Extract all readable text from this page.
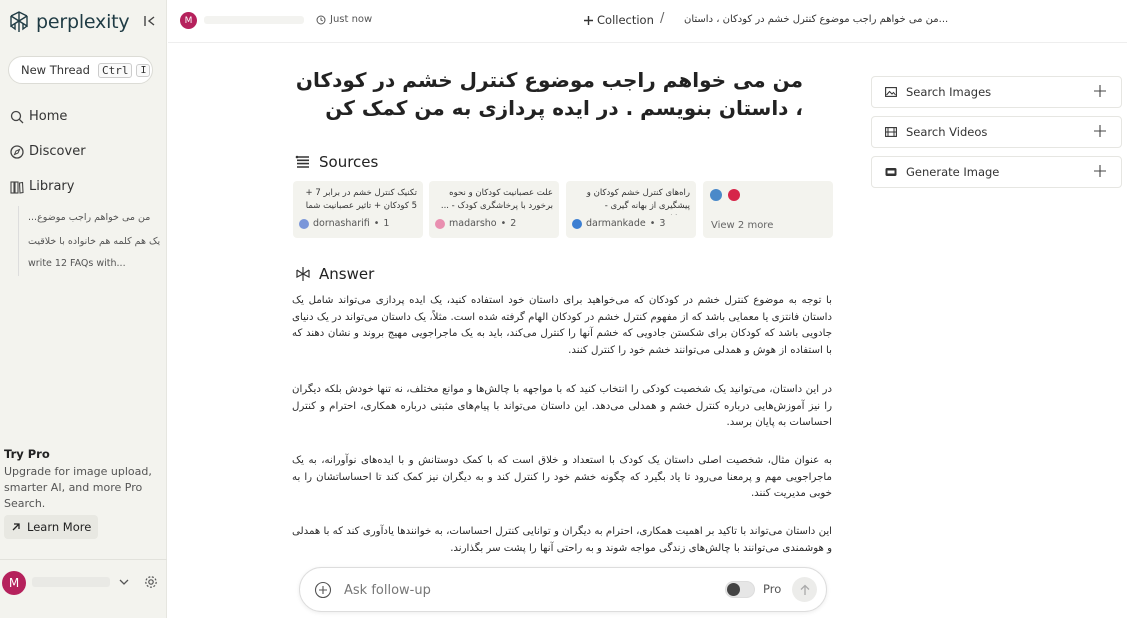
perplexity
New Thread	Ctrl	I
Home
Discover
Library
...من می خواهم راجب موضوع
یک هم کلمه هم خانواده با خلاقیت
write 12 FAQs with...
Try Pro
Upgrade for image upload, smarter AI, and more Pro Search.
Learn More
M
M	Just now	Collection / ...من می خواهم راجب موضوع کنترل خشم در کودکان ، داستان
من می خواهم راجب موضوع کنترل خشم در کودکان ، داستان بنویسم . در ایده پردازی به من کمک کن
Sources
تکنیک کنترل خشم در برابر 7 + 5 کودکان + تاثیر عصبانیت شما
dornasharifi • 1
علت عصبانیت کودکان و نحوه برخورد با پرخاشگری کودک - ...
madarsho • 2
راه‌های کنترل خشم کودکان و پیشگیری از بهانه گیری -
darmankade • 3	View 2 more
Answer

با توجه به موضوع کنترل خشم در کودکان که می‌خواهید برای داستان خود استفاده کنید، یک ایده پردازی می‌تواند شامل یک داستان فانتزی یا معمایی باشد که از مفهوم کنترل خشم در کودکان الهام گرفته شده است. مثلاً، یک داستان می‌تواند در یک دنیای جادویی باشد که کودکان برای شکستن جادویی که خشم آنها را کنترل می‌کند، باید به یک ماجراجویی مهیج بروند و نشان دهند که با استفاده از هوش و همدلی می‌توانند خشم خود را کنترل کنند.

در این داستان، می‌توانید یک شخصیت کودکی را انتخاب کنید که با مواجهه با چالش‌ها و موانع مختلف، نه تنها خودش بلکه دیگران را نیز آموزش‌هایی درباره کنترل خشم و همدلی می‌دهد. این داستان می‌تواند با پیام‌های مثبتی درباره همکاری، احترام و کنترل احساسات به پایان برسد.

به عنوان مثال، شخصیت اصلی داستان یک کودک با استعداد و خلاق است که با کمک دوستانش و با ایده‌های نوآورانه، به یک ماجراجویی مهم و پرمعنا می‌رود تا یاد بگیرد که چگونه خشم خود را کنترل کند و به دیگران نیز کمک کند تا احساساتشان را به خوبی مدیریت کنند.

این داستان می‌تواند با تاکید بر اهمیت همکاری، احترام به دیگران و توانایی کنترل احساسات، به خوانندها یادآوری کند که با همدلی و هوشمندی می‌توانند با چالش‌های زندگی مواجه شوند و به راحتی آنها را پشت سر بگذارند.

Search Images
Search Videos
Generate Image
Ask follow-up
Pro
